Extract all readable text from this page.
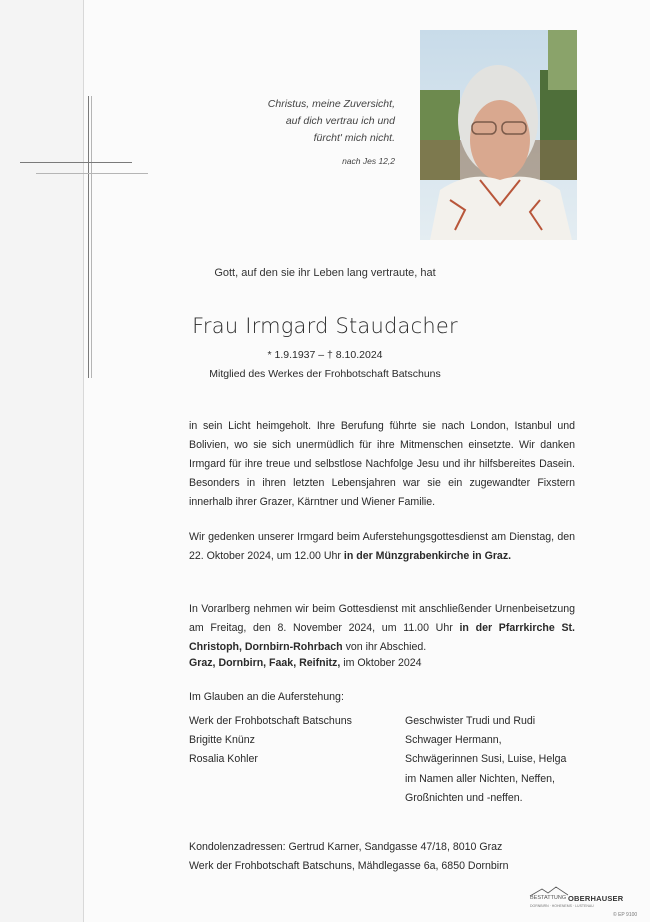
Christus, meine Zuversicht,
auf dich vertrau ich und
fürcht' mich nicht.
nach Jes 12,2
Gott, auf den sie ihr Leben lang vertraute, hat
Frau Irmgard Staudacher
* 1.9.1937 – † 8.10.2024
Mitglied des Werkes der Frohbotschaft Batschuns
in sein Licht heimgeholt. Ihre Berufung führte sie nach London, Istanbul und Bolivien, wo sie sich unermüdlich für ihre Mitmenschen einsetzte. Wir danken Irmgard für ihre treue und selbstlose Nachfolge Jesu und ihr hilfsbereites Dasein. Besonders in ihren letzten Lebensjahren war sie ein zugewandter Fixstern innerhalb ihrer Grazer, Kärntner und Wiener Familie.
Wir gedenken unserer Irmgard beim Auferstehungsgottesdienst am Dienstag, den 22. Oktober 2024, um 12.00 Uhr in der Münzgrabenkirche in Graz.
In Vorarlberg nehmen wir beim Gottesdienst mit anschließender Urnenbeisetzung am Freitag, den 8. November 2024, um 11.00 Uhr in der Pfarrkirche St. Christoph, Dornbirn-Rohrbach von ihr Abschied.
Graz, Dornbirn, Faak, Reifnitz, im Oktober 2024
Im Glauben an die Auferstehung:
Werk der Frohbotschaft Batschuns
Brigitte Knünz
Rosalia Kohler
Geschwister Trudi und Rudi
Schwager Hermann,
Schwägerinnen Susi, Luise, Helga
im Namen aller Nichten, Neffen,
Großnichten und -neffen.
Kondolenzadressen: Gertrud Karner, Sandgasse 47/18, 8010 Graz
Werk der Frohbotschaft Batschuns, Mähdlegasse 6a, 6850 Dornbirn
BESTATTUNG OBERHAUSER
DORNBIRN · HOHENEMS · LUSTENAU
© EP 9100
